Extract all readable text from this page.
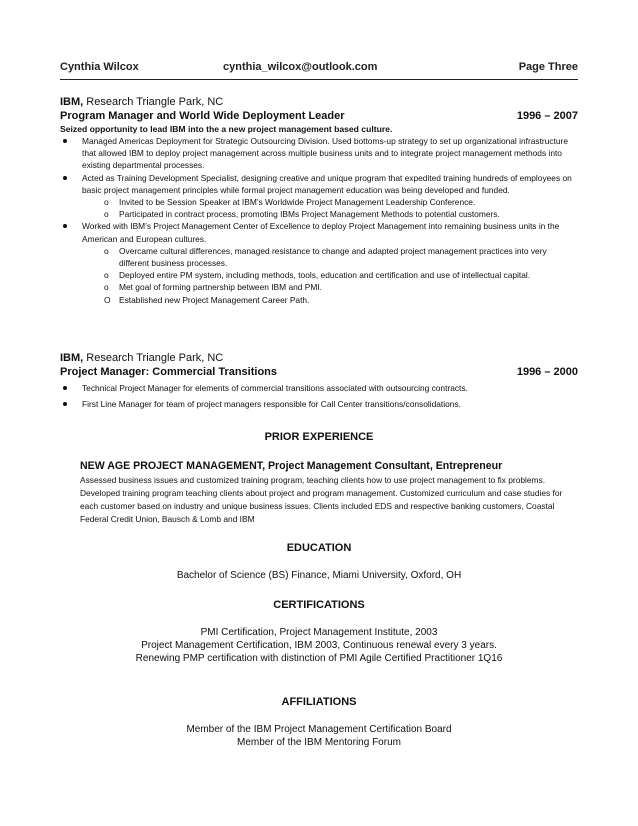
Cynthia Wilcox	cynthia_wilcox@outlook.com	Page Three
IBM, Research Triangle Park, NC
Program Manager and World Wide Deployment Leader	1996 – 2007
Seized opportunity to lead IBM into the a new project management based culture.
Managed Americas Deployment for Strategic Outsourcing Division. Used bottoms-up strategy to set up organizational infrastructure that allowed IBM to deploy project management across multiple business units and to integrate project management methods into existing departmental processes.
Acted as Training Development Specialist, designing creative and unique program that expedited training hundreds of employees on basic project management principles while formal project management education was being developed and funded.
o Invited to be Session Speaker at IBM’s Worldwide Project Management Leadership Conference.
o Participated in contract process, promoting IBMs Project Management Methods to potential customers.
Worked with IBM’s Project Management Center of Excellence to deploy Project Management into remaining business units in the American and European cultures.
o Overcame cultural differences, managed resistance to change and adapted project management practices into very different business processes.
o Deployed entire PM system, including methods, tools, education and certification and use of intellectual capital.
o Met goal of forming partnership between IBM and PMI.
O Established new Project Management Career Path.
IBM, Research Triangle Park, NC
Project Manager: Commercial Transitions	1996 – 2000
Technical Project Manager for elements of commercial transitions associated with outsourcing contracts.
First Line Manager for team of project managers responsible for Call Center transitions/consolidations.
PRIOR EXPERIENCE
NEW AGE PROJECT MANAGEMENT, Project Management Consultant, Entrepreneur
Assessed business issues and customized training program, teaching clients how to use project management to fix problems. Developed training program teaching clients about project and program management. Customized curriculum and case studies for each customer based on industry and unique business issues. Clients included EDS and respective banking customers, Coastal Federal Credit Union, Bausch & Lomb and IBM
EDUCATION
Bachelor of Science (BS) Finance, Miami University, Oxford, OH
CERTIFICATIONS
PMI Certification, Project Management Institute, 2003
Project Management Certification, IBM 2003, Continuous renewal every 3 years.
Renewing PMP certification with distinction of PMI Agile Certified Practitioner 1Q16
AFFILIATIONS
Member of the IBM Project Management Certification Board
Member of the IBM Mentoring Forum
